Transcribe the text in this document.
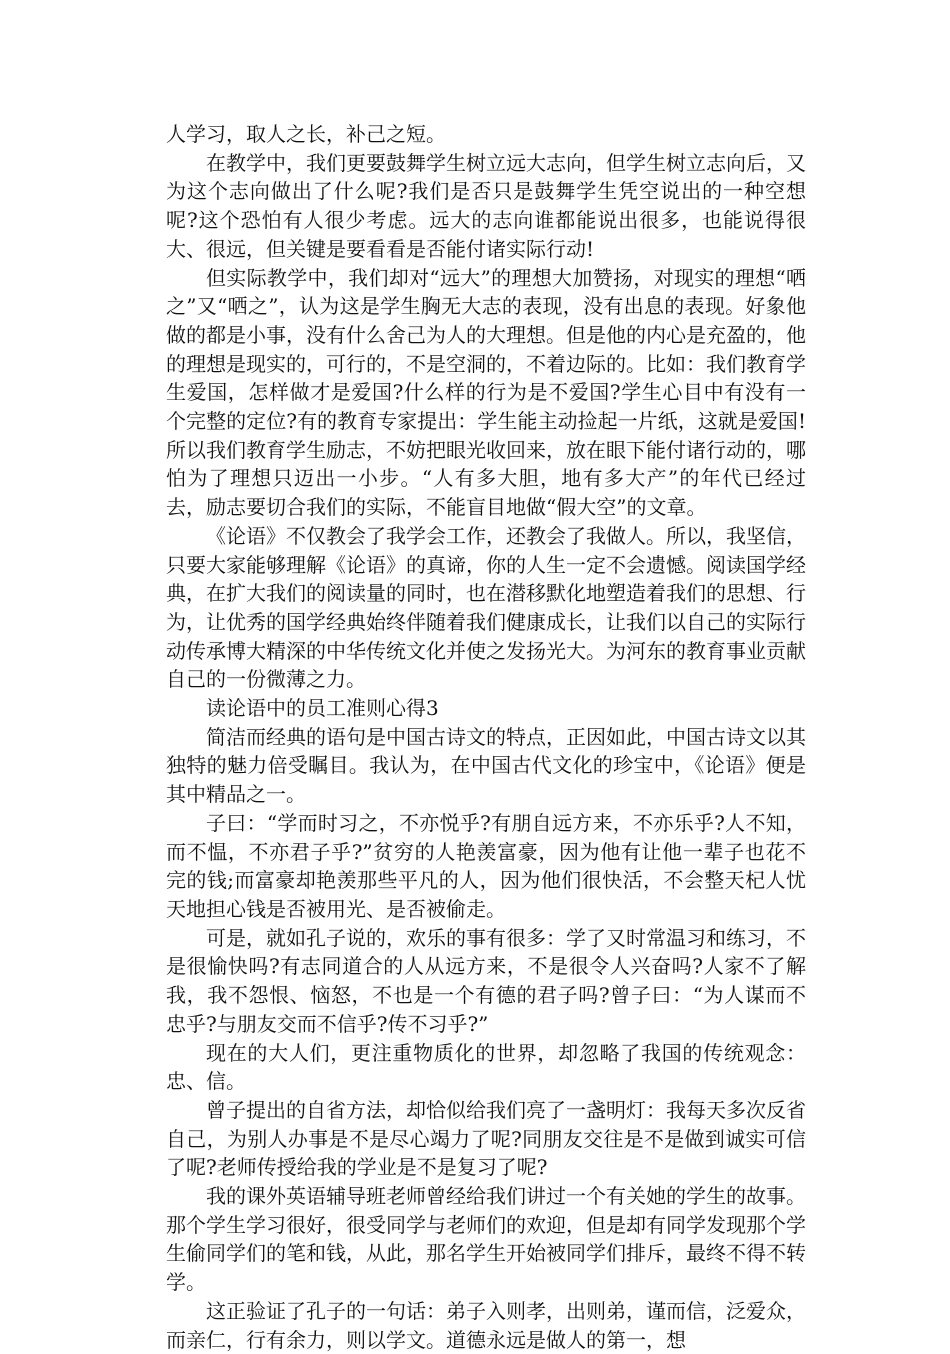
人学习，取人之长，补己之短。

在教学中，我们更要鼓舞学生树立远大志向，但学生树立志向后，又为这个志向做出了什么呢?我们是否只是鼓舞学生凭空说出的一种空想呢?这个恐怕有人很少考虑。远大的志向谁都能说出很多，也能说得很大、很远，但关键是要看看是否能付诸实际行动!

但实际教学中，我们却对“远大”的理想大加赞扬，对现实的理想“哂之”又“哂之”，认为这是学生胸无大志的表现，没有出息的表现。好象他做的都是小事，没有什么舍己为人的大理想。但是他的内心是充盈的，他的理想是现实的，可行的，不是空洞的，不着边际的。比如：我们教育学生爱国，怎样做才是爱国?什么样的行为是不爱国?学生心目中有没有一个完整的定位?有的教育专家提出：学生能主动捡起一片纸，这就是爱国!所以我们教育学生励志，不妨把眼光收回来，放在眼下能付诸行动的，哪怕为了理想只迈出一小步。“人有多大胆，地有多大产”的年代已经过去，励志要切合我们的实际，不能盲目地做“假大空”的文章。

《论语》不仅教会了我学会工作，还教会了我做人。所以，我坚信，只要大家能够理解《论语》的真谛，你的人生一定不会遗憾。阅读国学经典，在扩大我们的阅读量的同时，也在潜移默化地塑造着我们的思想、行为，让优秀的国学经典始终伴随着我们健康成长，让我们以自己的实际行动传承博大精深的中华传统文化并使之发扬光大。为河东的教育事业贡献自己的一份微薄之力。

读论语中的员工准则心得3

简洁而经典的语句是中国古诗文的特点，正因如此，中国古诗文以其独特的魅力倍受瞩目。我认为，在中国古代文化的珍宝中，《论语》便是其中精品之一。

子曰：“学而时习之，不亦悦乎?有朋自远方来，不亦乐乎?人不知，而不愠，不亦君子乎?”贫穷的人艳羡富豪，因为他有让他一辈子也花不完的钱;而富豪却艳羡那些平凡的人，因为他们很快活，不会整天杞人忧天地担心钱是否被用光、是否被偷走。

可是，就如孔子说的，欢乐的事有很多：学了又时常温习和练习，不是很愉快吗?有志同道合的人从远方来，不是很令人兴奋吗?人家不了解我，我不怨恨、恼怒，不也是一个有德的君子吗?曾子曰：“为人谋而不忠乎?与朋友交而不信乎?传不习乎?”

现在的大人们，更注重物质化的世界，却忽略了我国的传统观念：忠、信。

曾子提出的自省方法，却恰似给我们亮了一盏明灯：我每天多次反省自己，为别人办事是不是尽心竭力了呢?同朋友交往是不是做到诚实可信了呢?老师传授给我的学业是不是复习了呢?

我的课外英语辅导班老师曾经给我们讲过一个有关她的学生的故事。那个学生学习很好，很受同学与老师们的欢迎，但是却有同学发现那个学生偷同学们的笔和钱，从此，那名学生开始被同学们排斥，最终不得不转学。

这正验证了孔子的一句话：弟子入则孝，出则弟，谨而信，泛爱众，而亲仁，行有余力，则以学文。道德永远是做人的第一，想
